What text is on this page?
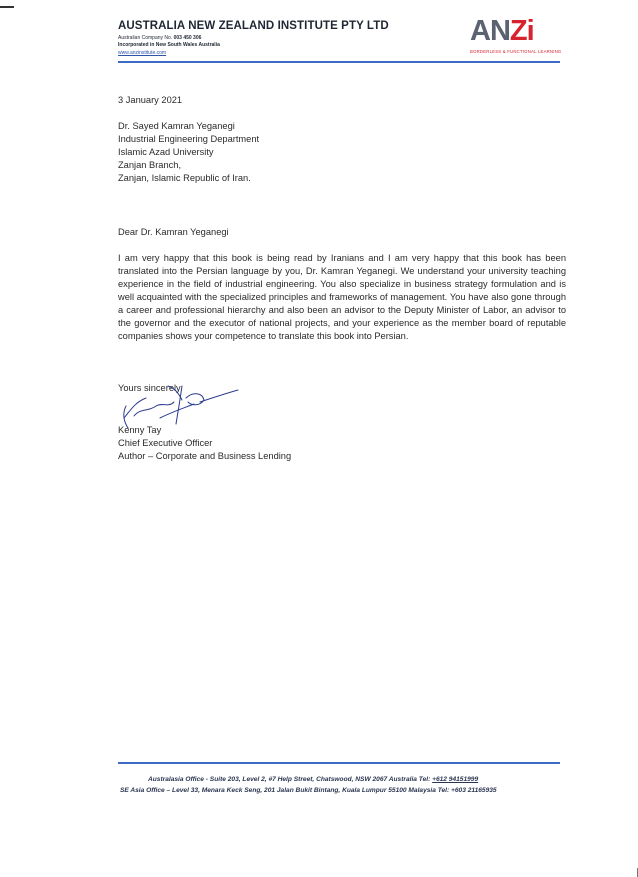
AUSTRALIA NEW ZEALAND INSTITUTE PTY LTD
Australian Company No. 003 450 306
Incorporated in New South Wales Australia
www.anzinstitute.com
ANZi
BORDERLESS & FUNCTIONAL LEARNING
3 January 2021
Dr. Sayed Kamran Yeganegi
Industrial Engineering Department
Islamic Azad University
Zanjan Branch,
Zanjan, Islamic Republic of Iran.
Dear Dr. Kamran Yeganegi
I am very happy that this book is being read by Iranians and I am very happy that this book has been translated into the Persian language by you, Dr. Kamran Yeganegi. We understand your university teaching experience in the field of industrial engineering. You also specialize in business strategy formulation and is well acquainted with the specialized principles and frameworks of management. You have also gone through a career and professional hierarchy and also been an advisor to the Deputy Minister of Labor, an advisor to the governor and the executor of national projects, and your experience as the member board of reputable companies shows your competence to translate this book into Persian.
Yours sincerely
Kenny Tay
Chief Executive Officer
Author – Corporate and Business Lending
Australasia Office - Suite 203, Level 2, #7 Help Street, Chatswood, NSW 2067 Australia Tel: +612 94151999
SE Asia Office – Level 33, Menara Keck Seng, 201 Jalan Bukit Bintang, Kuala Lumpur 55100 Malaysia Tel: +603 21165935
